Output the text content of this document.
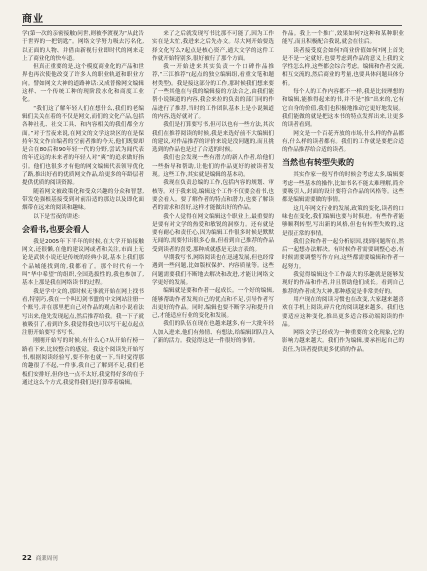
商业

学(第一次的亲密接触)问世,则被李渡视为“从此告于世界的一把钥匙”。网络文学努力吸去污名化,以正面的人物、并借由新视行业即时代的网来走上了商业化的快车道。

但真正重要的是,这个模度商业化的产品和世界也再次使他改变了许多人的职业轨道和职业方向。譬如网文大神的道路神话:又成普像网文编辑这样、一个传统工种的现阶段水化和商度工业化。

“我们这了解年轻人们在想什么,我们的老编辑们关关在着的不仅是网文,而们的文化产品,包括各种社孔、社交工具、和内容相关的我们都全方面。”对于雪夜来说,在网文的文学这块区的在是保持年发文作自编者的空前者推的今天,他们既要却是合在80后和90年轻一代的分野,尝试为闻代表的年近远的未来者的年轻人对“爽”的追求做好指引。他们也很多才有他的网文编辑代表领导优化了路,推出好看的优质网文作品,给更多的年龄层者提供优质的阅读资源。

随着网文被政策化和受众兴趣的分众和智慧,带发免强根基接受到对前沿适的那边以及即化面烟带在远来的阅读和趣味。

以下是雪夜的讲述:

会看书,也要会看人

我是2005年下半年的时候,在大学开始接触网文,还很懒,在他的建议网或者和关注,市面上无论是武侠小说还是传统的经典小说,基本上我们那个品城能找到的,我都看了。那个时代有一个叫“华中希望”的组织,全国选拔性的,我也参加了,基本上那是我在网络读书的过程。

我是学中文的,那时候无事就开始在网上找书看,特别巧,我在一个叫幻剑书盟的中文网站注册一个账号,并在那里把自己对作品的观点和小说看法写出来,他先发现起点,然后推荐给我。我一下子就被吸引了,看到许多,我觉得我也可以写干起点起点注册开始要写书写书。

刚刚开始写的时候,有什么心?从开始行榜一路看下来,比较整合的感觉。我这个阅读先开始写书,根据阅读经验写,要不你也就一下,当时觉得那的趣很了不起,一件事,我自己了解到不足,我们老板们安排好,但你也一点不太好,我觉得好多的在于通过这么个方式,我觉得我们是打算带着编辑。

来了之后就发现写书比那不可能了,因为工作实在是太忙,我进来之后先办文。尽大网开始要选择文化写么?起点是核心资产,通大文学的这件工作就开始特别多,很好被行了那个方面。

我一开始进来其实负责一个口碑作品推荐,“三江推荐”(起点的独立编辑组,看重文笔和题材类型)。我是接这部分的工作,那时候我们想来要了一些其他在与我的编辑接的方法合之,由我们能帮小说频道的内容,我会来拉的负责的部门同的作品进行了推荐,当时的工作团队基本上是小说频道的内容,选好就对了。

我们是打算要写书,但可以也有一些方法,其次我们在推荐阅读的时候,我是来选好前不大编辑们的建议,对作品推荐的评价来说是没问题的,而且挑选到的作品也是过了合适的时候。

我们也会发现一些有潜力的新人作者,给他们一些指导和帮助,让他们的作品更好的被读者发现。这些工作,其实就是编辑的基本功。

我现在负责总编的工作,包括内容的规划、审核等。对于我来说,编辑这个工作不仅要会看书,也要会看人。要了解作者的特点和潜力,也要了解读者的需求和喜好,这样才能做出好的作品。

我个人觉得在网文编辑这个职业上,最重要的是要有对文学的热爱和敏锐的洞察力。还有就是要有耐心和责任心,因为编辑工作很多时候是默默无闻的,需要付出很多心血,但看到自己推荐的作品受到读者的喜爱,那种成就感是无法言表的。

早期我写书,网络阅读也在迅速发展,但也经常遇到一些问题,比如版权保护、内容质量等。这些问题需要我们不断地去解决和改进,才能让网络文学更好的发展。

编辑就是要和作者一起成长。一个好的编辑,能够帮助作者发现自己的优点和不足,引导作者写出更好的作品。同时,编辑也要不断学习和提升自己,才能适应行业的变化和发展。

我们的队伍在现在也越来越多,有一大批年轻人加入进来,他们有热情、有想法,给编辑团队注入了新的活力。我觉得这是一件很好的事情。

作品。我上一个推广,效果如何?这种和某种职业能写,而且积极配合我说,就会在往后。

读者接受度会如何?商业价值如何?网上首先是不是一定就好,也要考虑到作品的意义上我的文学性怎么样,这些都会综合考虑。编辑和作者交流,相互交流的,然后商业的考量,也要具体问题具体分析。

每个人的工作内容都不一样,我是比较理想的和编辑,能推得起来的书,并不是“推”出来的,它有它自身的价值,我们也积极地推动它更好地发展。我们能做的就是把这本书的特点发挥出来,让更多的读者看到。

网文是一个百花齐放的市场,什么样的作品都有,什么样的读者都有。我们的工作就是要把合适的作品推荐给合适的读者。

当然也有转型失败的

其实作家一般写作的时候会考虑太多,编辑要考虑一些基本的操作,比如书名不能太难理解,简介要吸引人,封面的设计要符合作品的风格等。这些都是编辑需要做的事情。

这几年网文行业的发展,政策的变化,读者的口味也在变化,我们编辑也要与时俱进。有些作者能够顺利转型,写出新的风格,但也有转型失败的,这是很正常的事情。

我们会和作者一起分析原因,找到问题所在,然后一起想办法解决。有时候作者需要调整心态,有时候需要调整写作方向,这些都需要编辑和作者一起努力。

我觉得编辑这个工作最大的乐趣就是能够发现好的作品和作者,并且帮助他们成长。看到自己推荐的作者成为大神,那种感觉是非常美好的。

用户现在的阅读习惯也在改变,大家越来越喜欢在手机上阅读,碎片化的阅读越来越多。我们也要适应这种变化,推出更多适合移动端阅读的作品。

网络文学已经成为一种重要的文化现象,它的影响力越来越大。我们作为编辑,要承担起自己的责任,为读者提供更多优质的作品。

22 商業周刊
